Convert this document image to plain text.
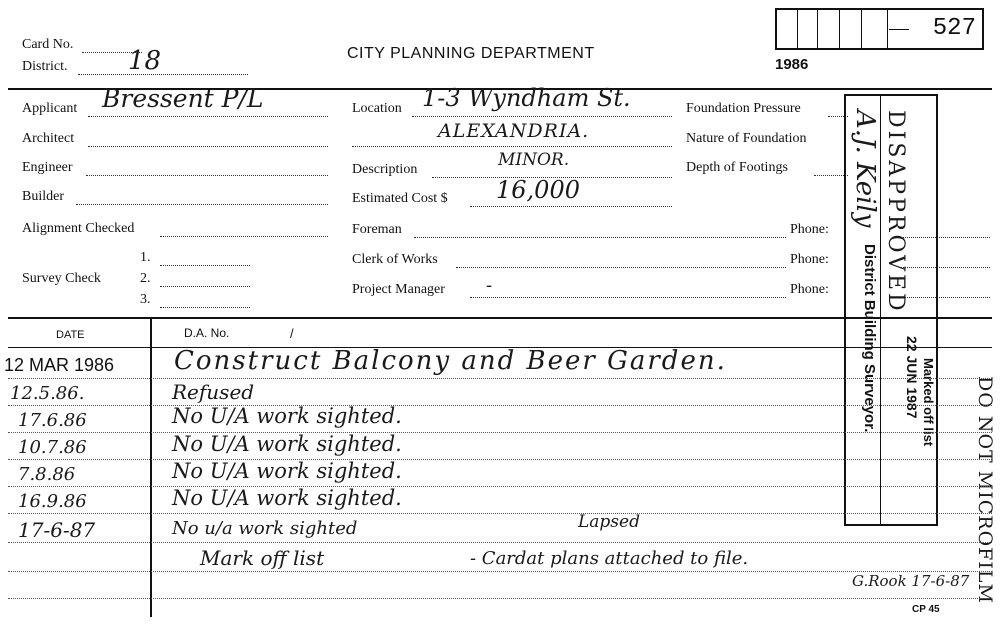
527
Card No.
District. 18	CITY PLANNING DEPARTMENT
1986
Applicant Bressent P/L
Architect
Engineer
Builder
Alignment Checked
Survey Check
1.
2.
3.
Location 1-3 Wyndham St.
ALEXANDRIA.
Description	MINOR.
Estimated Cost $ 16,000
Foreman
Clerk of Works
Project Manager -
Foundation Pressure
Nature of Foundation
Depth of Footings
Phone:
Phone:
Phone: DISAPPROVED
A.J. Keily
District Building Surveyor. 22 JUN 1987 Marked off list DO NOT MICROFILM
DATE	D.A. No.	/
12 MAR 1986 Construct Balcony and Beer Garden.
12.5.86.	Refused
17.6.86	No U/A work sighted.
10.7.86	No U/A work sighted.
7.8.86	No U/A work sighted.
16.9.86	No U/A work sighted.
17-6-87	No u/a work sighted	Lapsed
Mark off list	- Cardat plans attached to file.
G.Rook 17-6-87
CP 45
